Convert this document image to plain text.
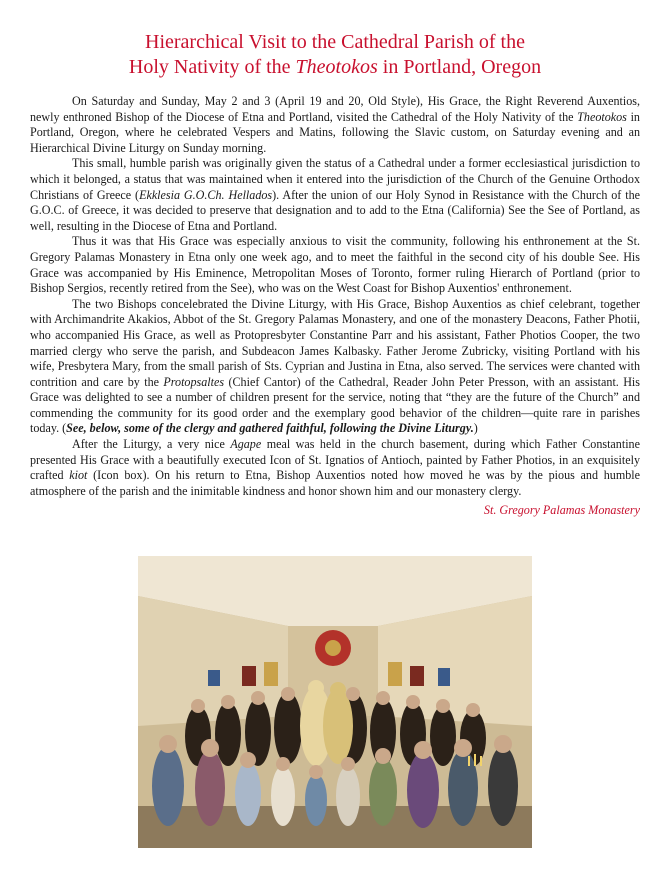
Hierarchical Visit to the Cathedral Parish of the
Holy Nativity of the Theotokos in Portland, Oregon

On Saturday and Sunday, May 2 and 3 (April 19 and 20, Old Style), His Grace, the Right Reverend Auxentios, newly enthroned Bishop of the Diocese of Etna and Portland, visited the Cathedral of the Holy Nativity of the Theotokos in Portland, Oregon, where he celebrated Vespers and Matins, following the Slavic custom, on Saturday evening and an Hierarchical Divine Liturgy on Sunday morning.

This small, humble parish was originally given the status of a Cathedral under a former ecclesiastical jurisdiction to which it belonged, a status that was maintained when it entered into the jurisdiction of the Church of the Genuine Orthodox Christians of Greece (Ekklesia G.O.Ch. Hellados). After the union of our Holy Synod in Resistance with the Church of the G.O.C. of Greece, it was decided to preserve that designation and to add to the Etna (California) See the See of Portland, as well, resulting in the Diocese of Etna and Portland.

Thus it was that His Grace was especially anxious to visit the community, following his enthronement at the St. Gregory Palamas Monastery in Etna only one week ago, and to meet the faithful in the second city of his double See. His Grace was accompanied by His Eminence, Metropolitan Moses of Toronto, former ruling Hierarch of Portland (prior to Bishop Sergios, recently retired from the See), who was on the West Coast for Bishop Auxentios' enthronement.

The two Bishops concelebrated the Divine Liturgy, with His Grace, Bishop Auxentios as chief celebrant, together with Archimandrite Akakios, Abbot of the St. Gregory Palamas Monastery, and one of the monastery Deacons, Father Photii, who accompanied His Grace, as well as Protopresbyter Constantine Parr and his assistant, Father Photios Cooper, the two married clergy who serve the parish, and Subdeacon James Kalbasky. Father Jerome Zubricky, visiting Portland with his wife, Presbytera Mary, from the small parish of Sts. Cyprian and Justina in Etna, also served. The services were chanted with contrition and care by the Protopsaltes (Chief Cantor) of the Cathedral, Reader John Peter Presson, with an assistant. His Grace was delighted to see a number of children present for the service, noting that “they are the future of the Church” and commending the community for its good order and the exemplary good behavior of the children—quite rare in parishes today. (See, below, some of the clergy and gathered faithful, following the Divine Liturgy.)

After the Liturgy, a very nice Agape meal was held in the church basement, during which Father Constantine presented His Grace with a beautifully executed Icon of St. Ignatios of Antioch, painted by Father Photios, in an exquisitely crafted kiot (Icon box). On his return to Etna, Bishop Auxentios noted how moved he was by the pious and humble atmosphere of the parish and the inimitable kindness and honor shown him and our monastery clergy.

St. Gregory Palamas Monastery
